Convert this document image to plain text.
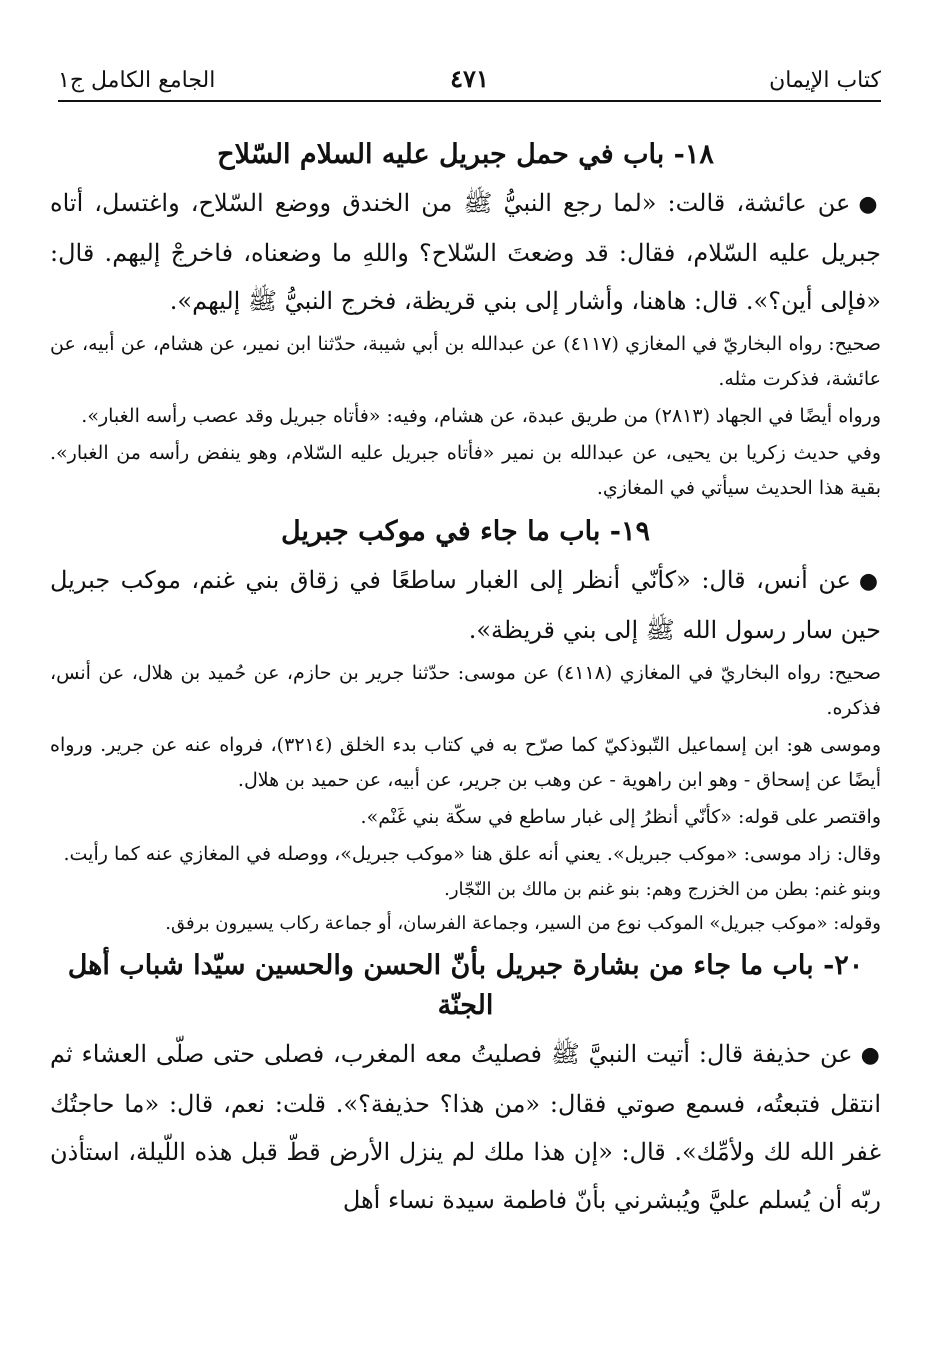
كتاب الإيمان
٤٧١
الجامع الكامل ج١
١٨- باب في حمل جبريل عليه السلام السّلاح

●عن عائشة، قالت: «لما رجع النبيُّ ﷺ من الخندق ووضع السّلاح، واغتسل، أتاه جبريل عليه السّلام، فقال: قد وضعتَ السّلاح؟ واللهِ ما وضعناه، فاخرجْ إليهم. قال: «فإلى أين؟». قال: هاهنا، وأشار إلى بني قريظة، فخرج النبيُّ ﷺ إليهم».

صحيح: رواه البخاريّ في المغازي (٤١١٧) عن عبدالله بن أبي شيبة، حدّثنا ابن نمير، عن هشام، عن أبيه، عن عائشة، فذكرت مثله.

ورواه أيضًا في الجهاد (٢٨١٣) من طريق عبدة، عن هشام، وفيه: «فأتاه جبريل وقد عصب رأسه الغبار».

وفي حديث زكريا بن يحيى، عن عبدالله بن نمير «فأتاه جبريل عليه السّلام، وهو ينفض رأسه من الغبار». بقية هذا الحديث سيأتي في المغازي.

١٩- باب ما جاء في موكب جبريل

●عن أنس، قال: «كأنّي أنظر إلى الغبار ساطعًا في زقاق بني غنم، موكب جبريل حين سار رسول الله ﷺ إلى بني قريظة».

صحيح: رواه البخاريّ في المغازي (٤١١٨) عن موسى: حدّثنا جرير بن حازم، عن حُميد بن هلال، عن أنس، فذكره.

وموسى هو: ابن إسماعيل التّبوذكيّ كما صرّح به في كتاب بدء الخلق (٣٢١٤)، فرواه عنه عن جرير. ورواه أيضًا عن إسحاق - وهو ابن راهوية - عن وهب بن جرير، عن أبيه، عن حميد بن هلال.

واقتصر على قوله: «كأنّي أنظرُ إلى غبار ساطع في سكّة بني غَنْم».

وقال: زاد موسى: «موكب جبريل». يعني أنه علق هنا «موكب جبريل»، ووصله في المغازي عنه كما رأيت.

وبنو غنم: بطن من الخزرج وهم: بنو غنم بن مالك بن النّجّار.

وقوله: «موكب جبريل» الموكب نوع من السير، وجماعة الفرسان، أو جماعة ركاب يسيرون برفق.

٢٠- باب ما جاء من بشارة جبريل بأنّ الحسن والحسين سيّدا شباب أهل الجنّة

●عن حذيفة قال: أتيت النبيَّ ﷺ فصليتُ معه المغرب، فصلى حتى صلّى العشاء ثم انتقل فتبعتُه، فسمع صوتي فقال: «من هذا؟ حذيفة؟». قلت: نعم، قال: «ما حاجتُك غفر الله لك ولأمِّك». قال: «إن هذا ملك لم ينزل الأرض قطّ قبل هذه اللّيلة، استأذن ربّه أن يُسلم عليَّ ويُبشرني بأنّ فاطمة سيدة نساء أهل
